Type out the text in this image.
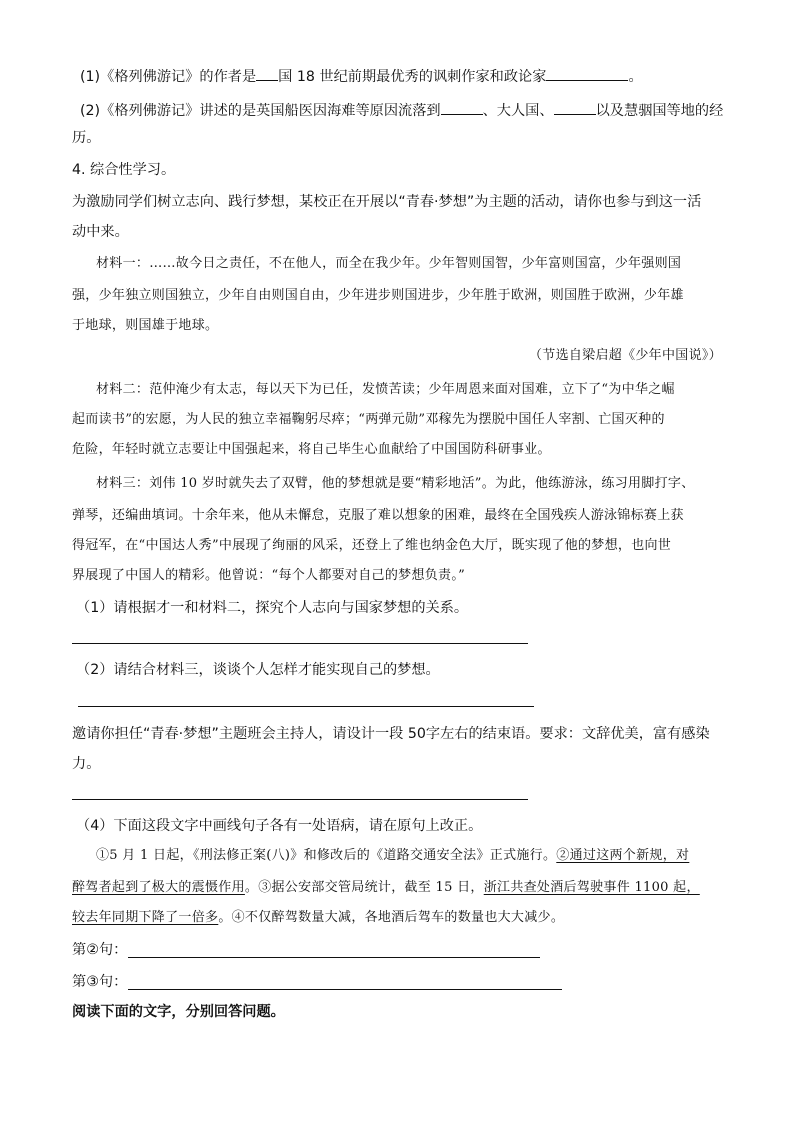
(1)《格列佛游记》的作者是 国 18 世纪前期最优秀的讽刺作家和政论家	。
(2)《格列佛游记》讲述的是英国船医因海难等原因流落到	、大人国、	以及慧骃国等地的经
历。
4. 综合性学习。
为激励同学们树立志向、践行梦想，某校正在开展以“青春·梦想”为主题的活动，请你也参与到这一活
动中来。
材料一：……故今日之责任，不在他人，而全在我少年。少年智则国智，少年富则国富，少年强则国
强，少年独立则国独立，少年自由则国自由，少年进步则国进步，少年胜于欧洲，则国胜于欧洲，少年雄
于地球，则国雄于地球。
（节选自梁启超《少年中国说》）
材料二：范仲淹少有太志，每以天下为已任，发愤苦读；少年周恩来面对国难，立下了“为中华之崛
起而读书”的宏愿，为人民的独立幸福鞠躬尽瘁；“两弹元勋”邓稼先为摆脱中国任人宰割、亡国灭种的
危险，年轻时就立志要让中国强起来，将自己毕生心血献给了中国国防科研事业。
材料三：刘伟 10 岁时就失去了双臂，他的梦想就是要“精彩地活”。为此，他练游泳，练习用脚打字、
弹琴，还编曲填词。十余年来，他从未懈怠，克服了难以想象的困难，最终在全国残疾人游泳锦标赛上获
得冠军，在“中国达人秀”中展现了绚丽的风采，还登上了维也纳金色大厅，既实现了他的梦想，也向世
界展现了中国人的精彩。他曾说：“每个人都要对自己的梦想负责。”
（1）请根据才一和材料二，探究个人志向与国家梦想的关系。
（2）请结合材料三，谈谈个人怎样才能实现自己的梦想。
邀请你担任“青春·梦想”主题班会主持人，请设计一段 50字左右的结束语。要求：文辞优美，富有感染
力。
（4）下面这段文字中画线句子各有一处语病，请在原句上改正。
①5 月 1 日起，《刑法修正案(八)》和修改后的《道路交通安全法》正式施行。②通过这两个新规，对
醉驾者起到了极大的震慑作用。③据公安部交管局统计，截至 15 日，浙江共查处酒后驾驶事件 1100 起，
较去年同期下降了一倍多。④不仅醉驾数量大减，各地酒后驾车的数量也大大减少。
第②句：
第③句：
阅读下面的文字，分别回答问题。
